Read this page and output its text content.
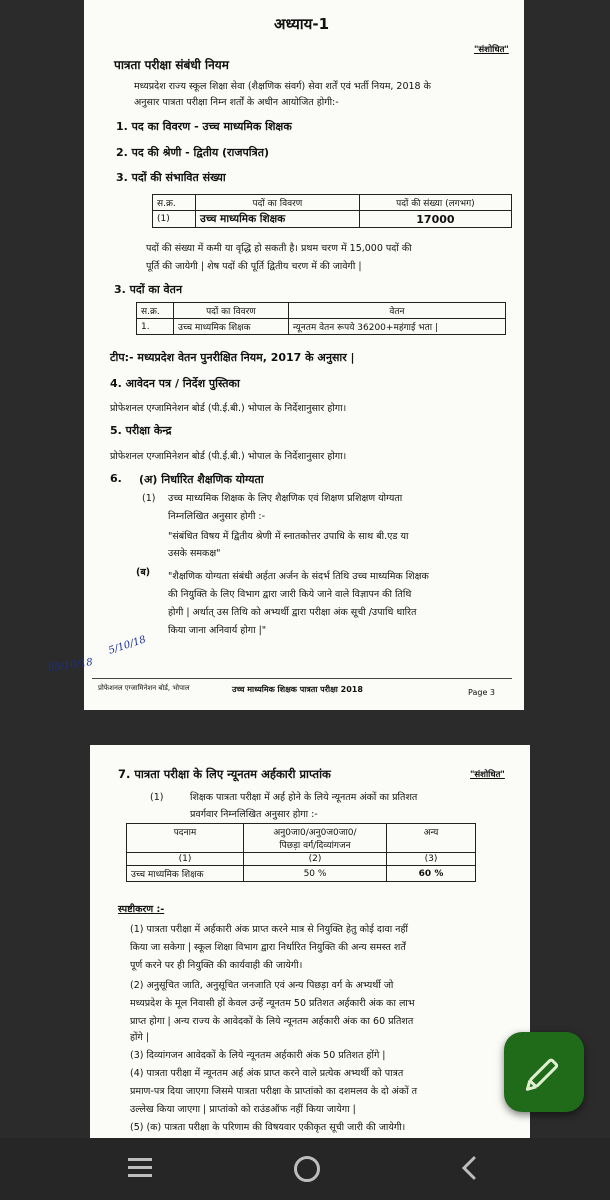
अध्याय-1
"संशोधित"
पात्रता परीक्षा संबंधी नियम
मध्यप्रदेश राज्य स्कूल शिक्षा सेवा (शैक्षणिक संवर्ग) सेवा शर्तें एवं भर्ती नियम, 2018 के
अनुसार पात्रता परीक्षा निम्न शर्तों के अधीन आयोजित होगी:-
1. पद का विवरण - उच्च माध्यमिक शिक्षक
2. पद की श्रेणी - द्वितीय (राजपत्रित)
3. पदों की संभावित संख्या
स.क्र.	पदों का विवरण	पदों की संख्या (लगभग)
(1)	उच्च माध्यमिक शिक्षक	17000
पदों की संख्या में कमी या वृद्धि हो सकती है। प्रथम चरण में 15,000 पदों की
पूर्ति की जायेगी | शेष पदों की पूर्ति द्वितीय चरण में की जावेगी |
3. पदों का वेतन
स.क्र.	पदों का विवरण	वेतन
1.	उच्च माध्यमिक शिक्षक	न्यूनतम वेतन रूपये 36200+महंगाई भता |
टीप:- मध्यप्रदेश वेतन पुनरीक्षित नियम, 2017 के अनुसार |
4. आवेदन पत्र / निर्देश पुस्तिका
प्रोफेशनल एग्जामिनेशन बोर्ड (पी.ई.बी.) भोपाल के निर्देशानुसार होगा।
5. परीक्षा केन्द्र
प्रोफेशनल एग्जामिनेशन बोर्ड (पी.ई.बी.) भोपाल के निर्देशानुसार होगा।
6. (अ) निर्धारित शैक्षणिक योग्यता
(1) उच्च माध्यमिक शिक्षक के लिए शैक्षणिक एवं शिक्षण प्रशिक्षण योग्यता
निम्नलिखित अनुसार होगी :-
"संबंधित विषय में द्वितीय श्रेणी में स्नातकोत्तर उपाधि के साथ बी.एड या
उसके समकक्ष"
(ब) "शैक्षणिक योग्यता संबंधी अर्हता अर्जन के संदर्भ तिथि उच्च माध्यमिक शिक्षक
की नियुक्ति के लिए विभाग द्वारा जारी किये जाने वाले विज्ञापन की तिथि
होगी | अर्थात् उस तिथि को अभ्यर्थी द्वारा परीक्षा अंक सूची /उपाधि धारित
किया जाना अनिवार्य होगा |"
प्रोफेशनल एग्जामिनेशन बोर्ड, भोपाल	उच्च माध्यमिक शिक्षक पात्रता परीक्षा 2018	Page 3
05/10/18
5/10/18
7. पात्रता परीक्षा के लिए न्यूनतम अर्हकारी प्राप्तांक	"संशोधित"
(1)	शिक्षक पात्रता परीक्षा में अर्ह होने के लिये न्यूनतम अंकों का प्रतिशत
प्रवर्गवार निम्नलिखित अनुसार होगा :-
पदनाम	अनु0जा0/अनु0ज0जा0/
पिछड़ा वर्ग/दिव्यांगजन	अन्य
(1)	(2)	(3)
उच्च माध्यमिक शिक्षक	50 %	60 %
स्पष्टीकरण :-
(1) पात्रता परीक्षा में अर्हकारी अंक प्राप्त करने मात्र से नियुक्ति हेतु कोई दावा नहीं
किया जा सकेगा | स्कूल शिक्षा विभाग द्वारा निर्धारित नियुक्ति की अन्य समस्त शर्तें
पूर्ण करने पर ही नियुक्ति की कार्यवाही की जायेगी।
(2) अनुसूचित जाति, अनुसूचित जनजाति एवं अन्य पिछड़ा वर्ग के अभ्यर्थी जो
मध्यप्रदेश के मूल निवासी हों केवल उन्हें न्यूनतम 50 प्रतिशत अर्हकारी अंक का लाभ
प्राप्त होगा | अन्य राज्य के आवेदकों के लिये न्यूनतम अर्हकारी अंक का 60 प्रतिशत
होंगे |
(3) दिव्यांगजन आवेदकों के लिये न्यूनतम अर्हकारी अंक 50 प्रतिशत होंगे |
(4) पात्रता परीक्षा में न्यूनतम अर्ह अंक प्राप्त करने वाले प्रत्येक अभ्यर्थी को पात्रत
प्रमाण-पत्र दिया जाएगा जिसमे पात्रता परीक्षा के प्राप्तांको का दशमलव के दो अंकों त
उल्लेख किया जाएगा | प्राप्तांको को राउंडऑफ नहीं किया जायेगा |
(5) (क) पात्रता परीक्षा के परिणाम की विषयवार एकीकृत सूची जारी की जायेगी।
